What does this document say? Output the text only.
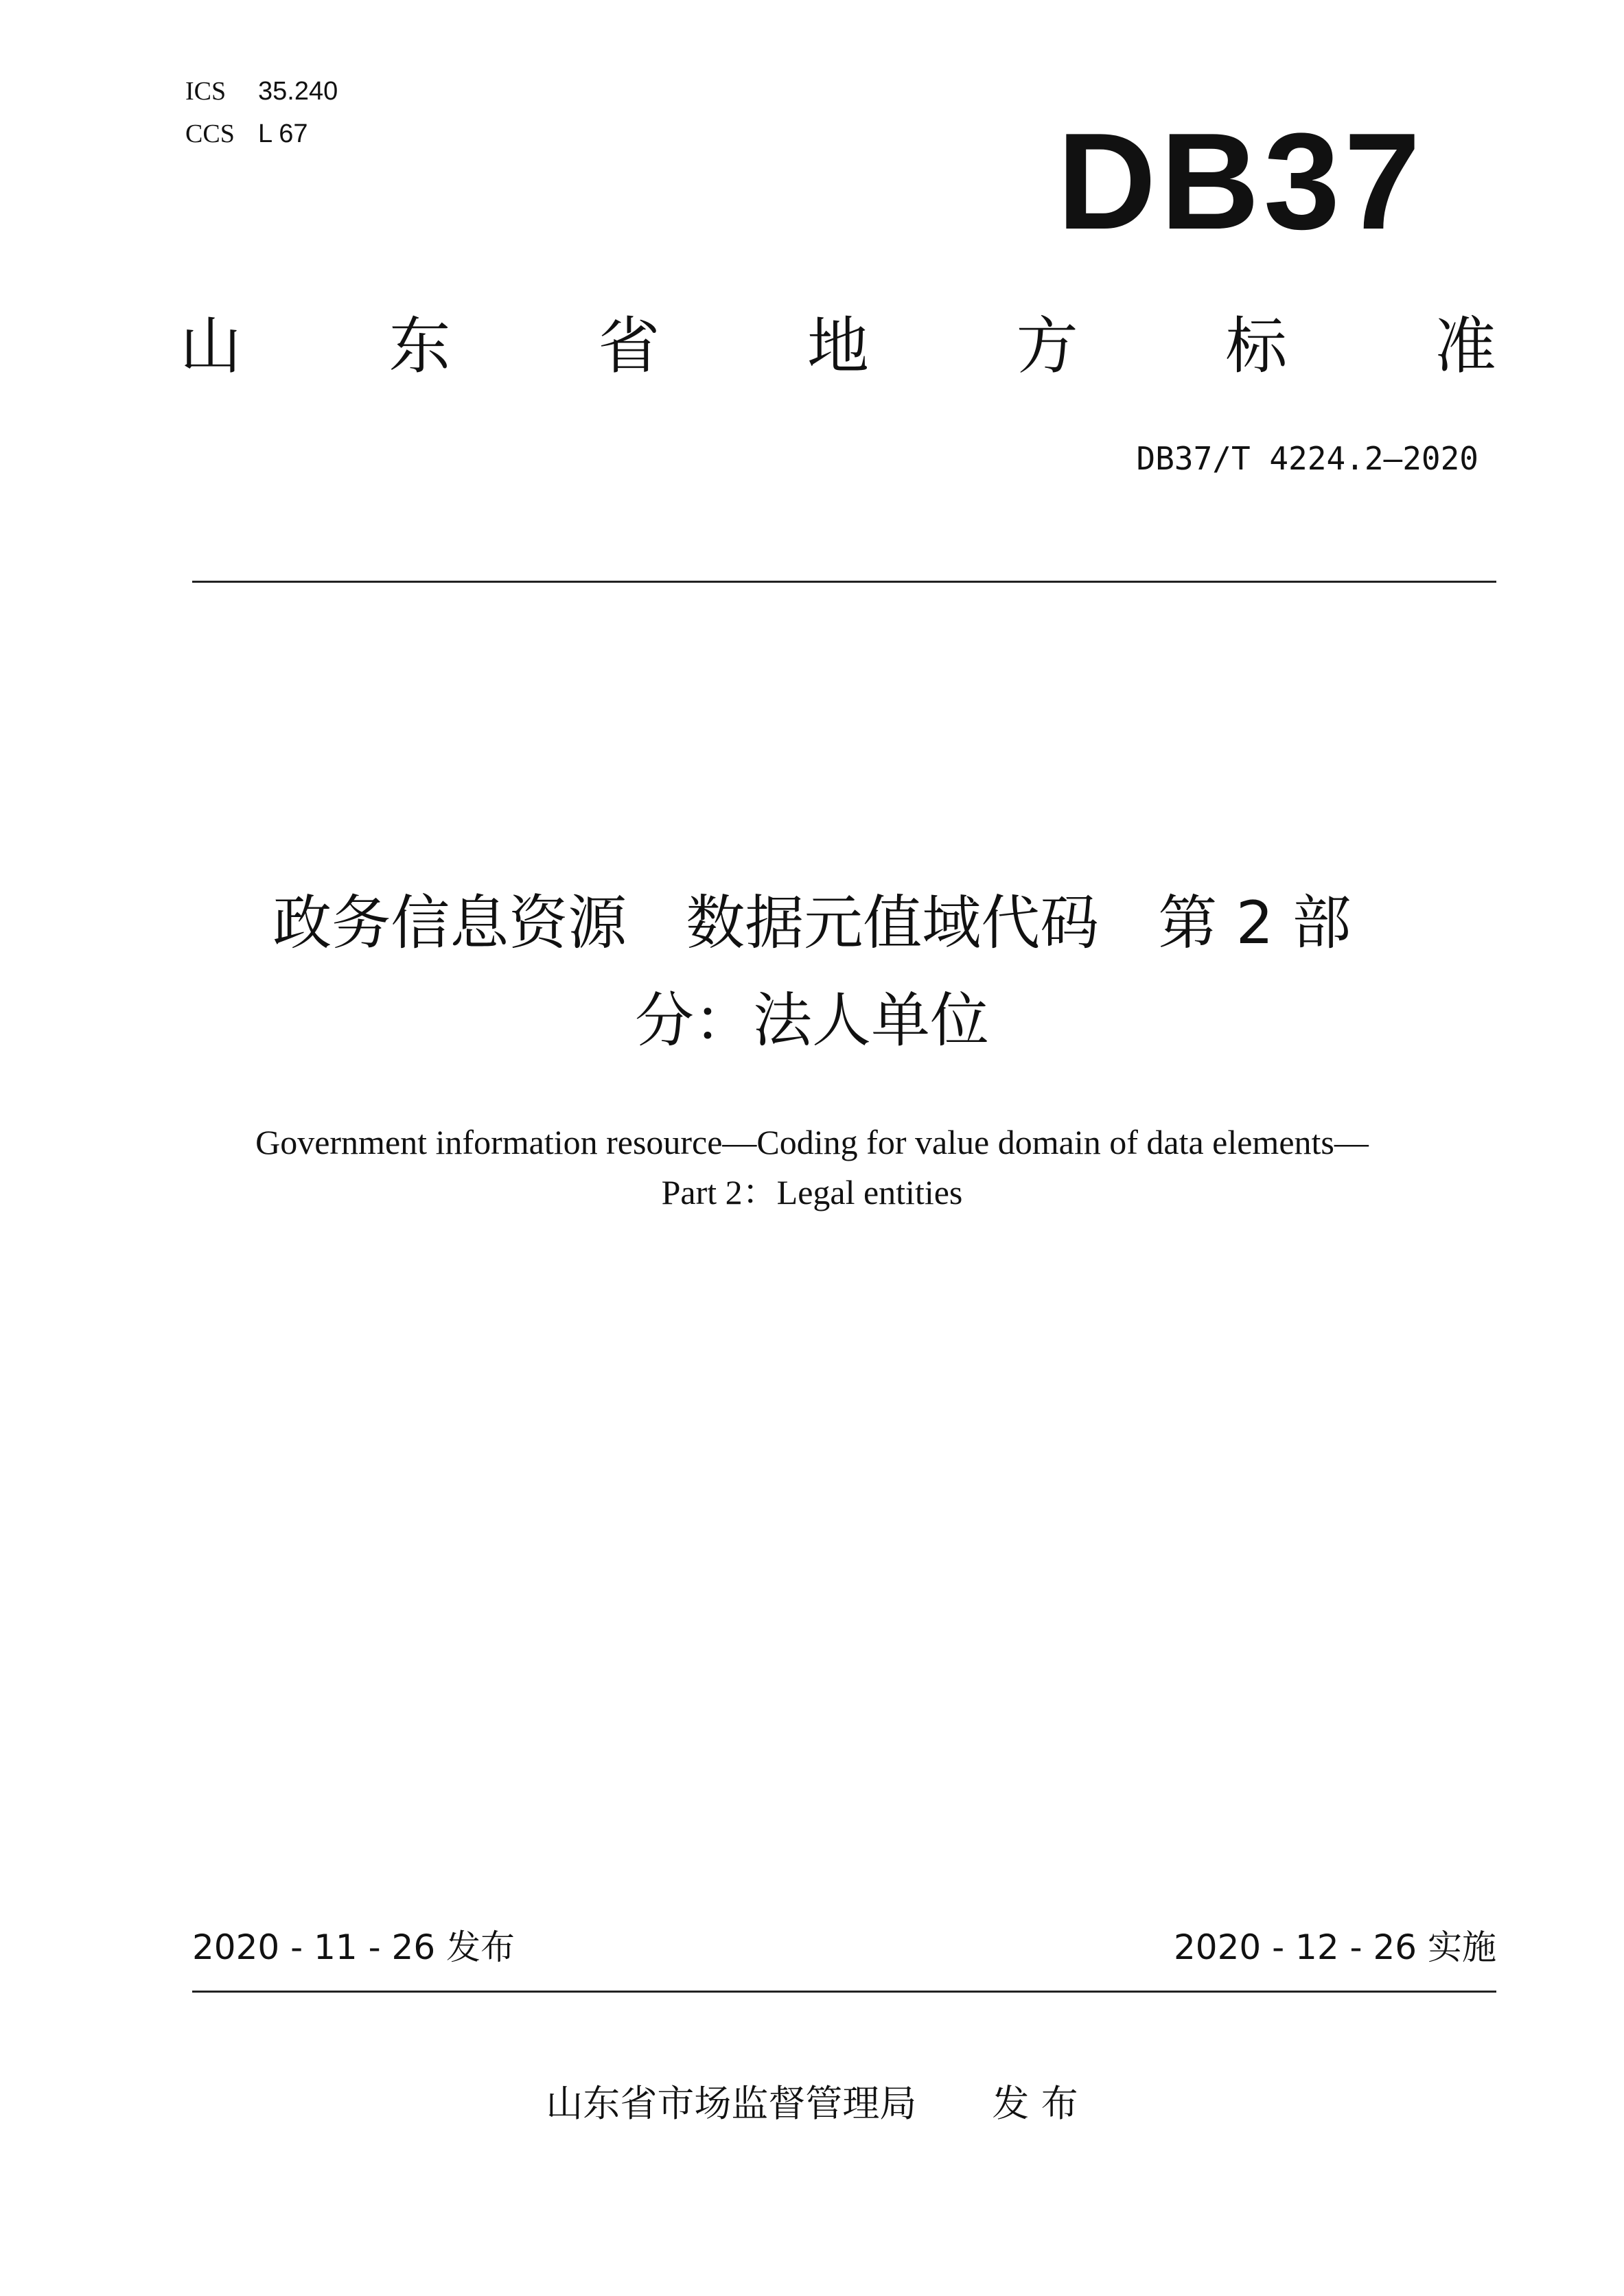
ICS 35.240
CCS L 67	DB37
山 东 省 地 方 标 准
DB37/T 4224.2—2020
政务信息资源　数据元值域代码　第 2 部
分：法人单位
Government information resource—Coding for value domain of data elements—
Part 2：Legal entities
2020 - 11 - 26 发布	2020 - 12 - 26 实施
山东省市场监督管理局 发 布
